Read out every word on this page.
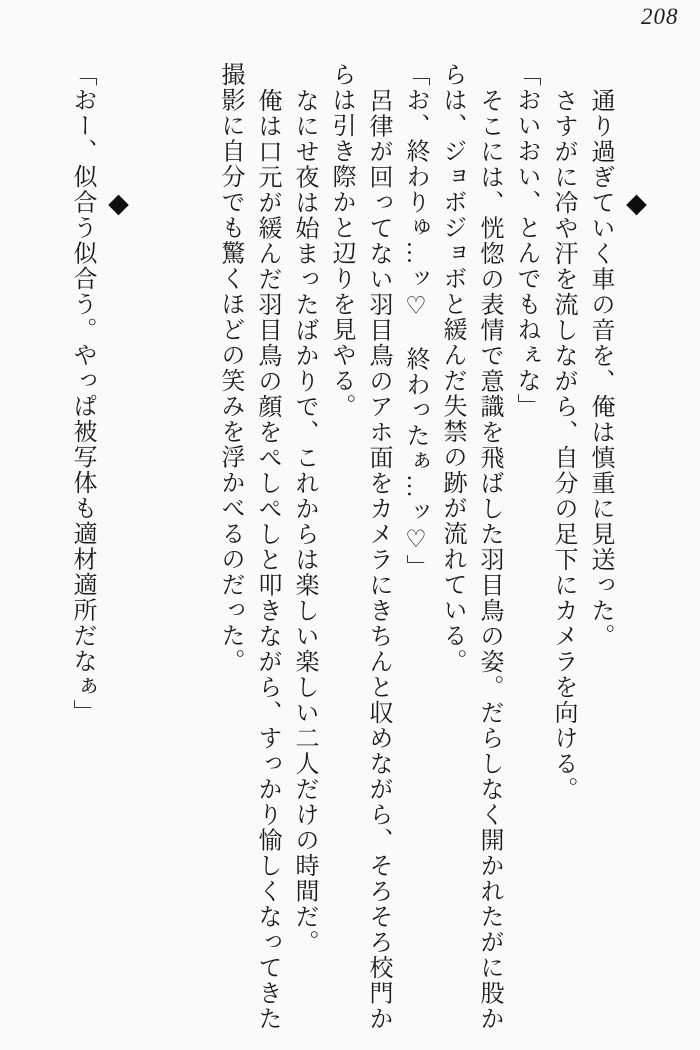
208
◆
通り過ぎていく車の音を、俺は慎重に見送った。
さすがに冷や汗を流しながら、自分の足下にカメラを向ける。
「おいおい、とんでもねぇな」
そこには、恍惚の表情で意識を飛ばした羽目鳥の姿。だらしなく開かれたがに股か
らは、ジョボジョボと緩んだ失禁の跡が流れている。
「お、終わりゅ…ッ♡　終わったぁ…ッ♡」
呂律が回ってない羽目鳥のアホ面をカメラにきちんと収めながら、そろそろ校門か
らは引き際かと辺りを見やる。
なにせ夜は始まったばかりで、これからは楽しい楽しい二人だけの時間だ。
俺は口元が緩んだ羽目鳥の顔をぺしぺしと叩きながら、すっかり愉しくなってきた
撮影に自分でも驚くほどの笑みを浮かべるのだった。
◆
「おー、似合う似合う。やっぱ被写体も適材適所だなぁ」
